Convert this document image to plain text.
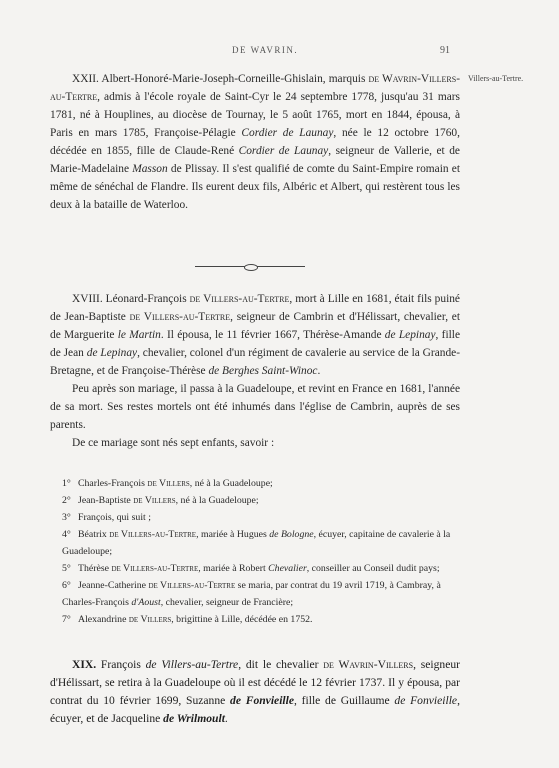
DE WAVRIN.	91
Villers-au-Tertre.

XXII. Albert-Honoré-Marie-Joseph-Corneille-Ghislain, marquis de Wavrin-Villers-au-Tertre, admis à l'école royale de Saint-Cyr le 24 septembre 1778, jusqu'au 31 mars 1781, né à Houplines, au diocèse de Tournay, le 5 août 1765, mort en 1844, épousa, à Paris en mars 1785, Françoise-Pélagie Cordier de Launay, née le 12 octobre 1760, décédée en 1855, fille de Claude-René Cordier de Launay, seigneur de Vallerie, et de Marie-Madelaine Masson de Plissay. Il s'est qualifié de comte du Saint-Empire romain et même de sénéchal de Flandre. Ils eurent deux fils, Albéric et Albert, qui restèrent tous les deux à la bataille de Waterloo.

XVIII. Léonard-François de Villers-au-Tertre, mort à Lille en 1681, était fils puiné de Jean-Baptiste de Villers-au-Tertre, seigneur de Cambrin et d'Hélissart, chevalier, et de Marguerite le Martin. Il épousa, le 11 février 1667, Thérèse-Amande de Lepinay, fille de Jean de Lepinay, chevalier, colonel d'un régiment de cavalerie au service de la Grande-Bretagne, et de Françoise-Thérèse de Berghes Saint-Winoc.

Peu après son mariage, il passa à la Guadeloupe, et revint en France en 1681, l'année de sa mort. Ses restes mortels ont été inhumés dans l'église de Cambrin, auprès de ses parents.

De ce mariage sont nés sept enfants, savoir :

1° Charles-François de Villers, né à la Guadeloupe;
2° Jean-Baptiste de Villers, né à la Guadeloupe;
3° François, qui suit ;
4° Béatrix de Villers-au-Tertre, mariée à Hugues de Bologne, écuyer, capitaine de cavalerie à la Guadeloupe;
5° Thérèse de Villers-au-Tertre, mariée à Robert Chevalier, conseiller au Conseil dudit pays;
6° Jeanne-Catherine de Villers-au-Tertre se maria, par contrat du 19 avril 1719, à Cambray, à Charles-François d'Aoust, chevalier, seigneur de Francière;
7° Alexandrine de Villers, brigittine à Lille, décédée en 1752.

XIX. François de Villers-au-Tertre, dit le chevalier de Wavrin-Villers, seigneur d'Hélissart, se retira à la Guadeloupe où il est décédé le 12 février 1737. Il y épousa, par contrat du 10 février 1699, Suzanne de Fonvieille, fille de Guillaume de Fonvieille, écuyer, et de Jacqueline de Wrilmoult.
